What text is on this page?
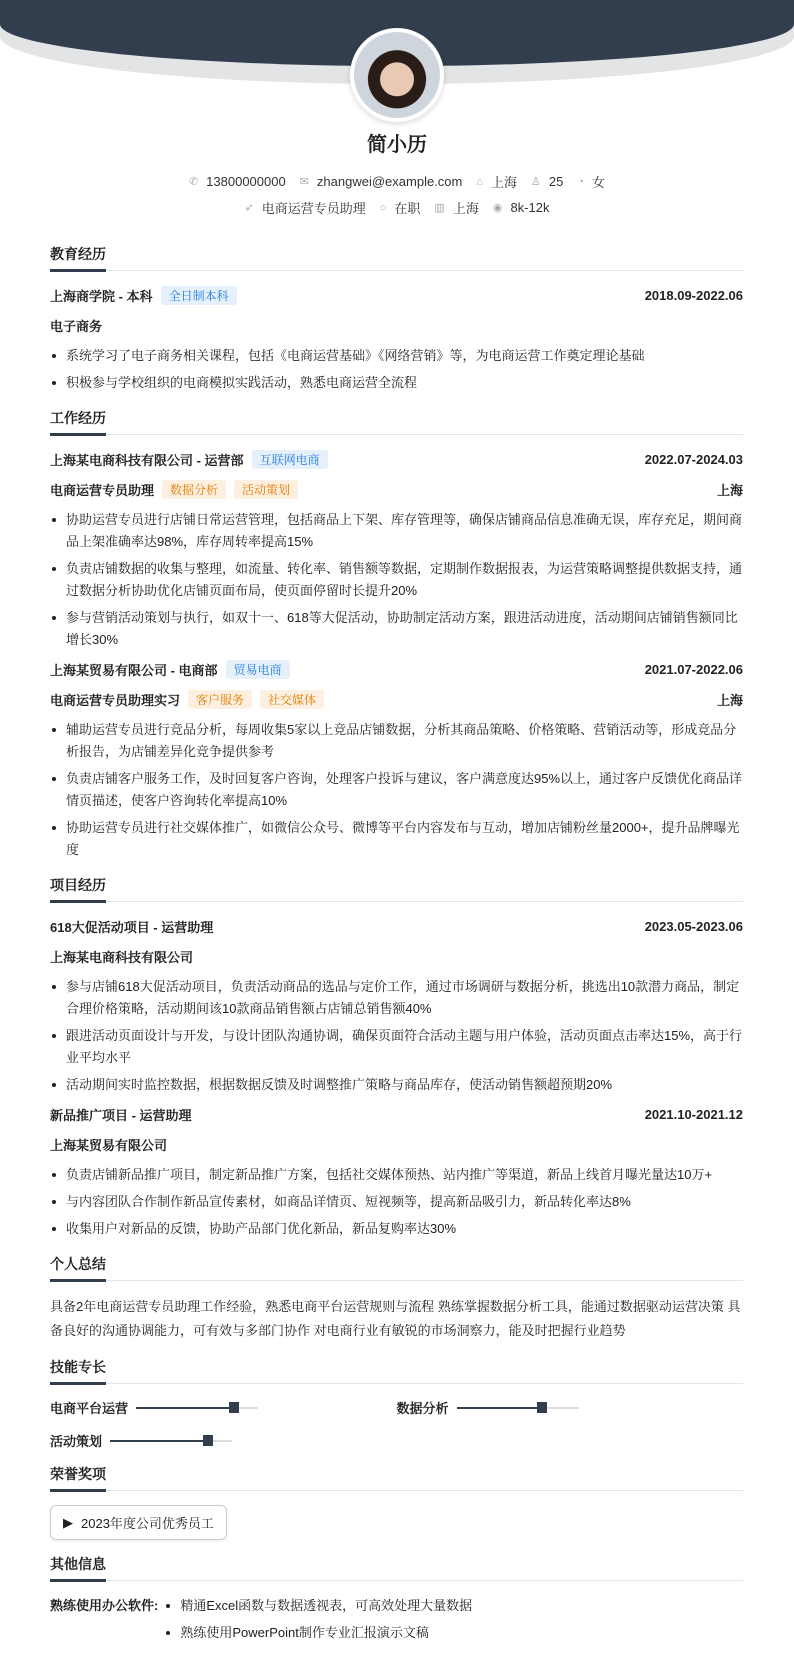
简小历
✆ 13800000000 ✉ zhangwei@example.com ⌂ 上海 ♙ 25 ◔ 女
➶ 电商运营专员助理 ○ 在职 ▥ 上海 ◉ 8k-12k
教育经历
上海商学院 - 本科	全日制本科	2018.09-2022.06
电子商务
系统学习了电子商务相关课程，包括《电商运营基础》《网络营销》等，为电商运营工作奠定理论基础
积极参与学校组织的电商模拟实践活动，熟悉电商运营全流程
工作经历
上海某电商科技有限公司 - 运营部	互联网电商	2022.07-2024.03
电商运营专员助理	数据分析	活动策划	上海
协助运营专员进行店铺日常运营管理，包括商品上下架、库存管理等，确保店铺商品信息准确无误，库存充足，期间商品上架准确率达98%，库存周转率提高15%
负责店铺数据的收集与整理，如流量、转化率、销售额等数据，定期制作数据报表，为运营策略调整提供数据支持，通过数据分析协助优化店铺页面布局，使页面停留时长提升20%
参与营销活动策划与执行，如双十一、618等大促活动，协助制定活动方案，跟进活动进度，活动期间店铺销售额同比增长30%
上海某贸易有限公司 - 电商部	贸易电商	2021.07-2022.06
电商运营专员助理实习	客户服务	社交媒体	上海
辅助运营专员进行竞品分析，每周收集5家以上竞品店铺数据，分析其商品策略、价格策略、营销活动等，形成竞品分析报告，为店铺差异化竞争提供参考
负责店铺客户服务工作，及时回复客户咨询，处理客户投诉与建议，客户满意度达95%以上，通过客户反馈优化商品详情页描述，使客户咨询转化率提高10%
协助运营专员进行社交媒体推广，如微信公众号、微博等平台内容发布与互动，增加店铺粉丝量2000+，提升品牌曝光度
项目经历
618大促活动项目 - 运营助理	2023.05-2023.06
上海某电商科技有限公司
参与店铺618大促活动项目，负责活动商品的选品与定价工作，通过市场调研与数据分析，挑选出10款潜力商品，制定合理价格策略，活动期间该10款商品销售额占店铺总销售额40%
跟进活动页面设计与开发，与设计团队沟通协调，确保页面符合活动主题与用户体验，活动页面点击率达15%，高于行业平均水平
活动期间实时监控数据，根据数据反馈及时调整推广策略与商品库存，使活动销售额超预期20%
新品推广项目 - 运营助理	2021.10-2021.12
上海某贸易有限公司
负责店铺新品推广项目，制定新品推广方案，包括社交媒体预热、站内推广等渠道，新品上线首月曝光量达10万+
与内容团队合作制作新品宣传素材，如商品详情页、短视频等，提高新品吸引力，新品转化率达8%
收集用户对新品的反馈，协助产品部门优化新品，新品复购率达30%
个人总结
具备2年电商运营专员助理工作经验，熟悉电商平台运营规则与流程 熟练掌握数据分析工具，能通过数据驱动运营决策 具备良好的沟通协调能力，可有效与多部门协作 对电商行业有敏锐的市场洞察力，能及时把握行业趋势
技能专长
电商平台运营	数据分析
活动策划
荣誉奖项
▶ 2023年度公司优秀员工
其他信息
熟练使用办公软件:	精通Excel函数与数据透视表，可高效处理大量数据
熟练使用PowerPoint制作专业汇报演示文稿
